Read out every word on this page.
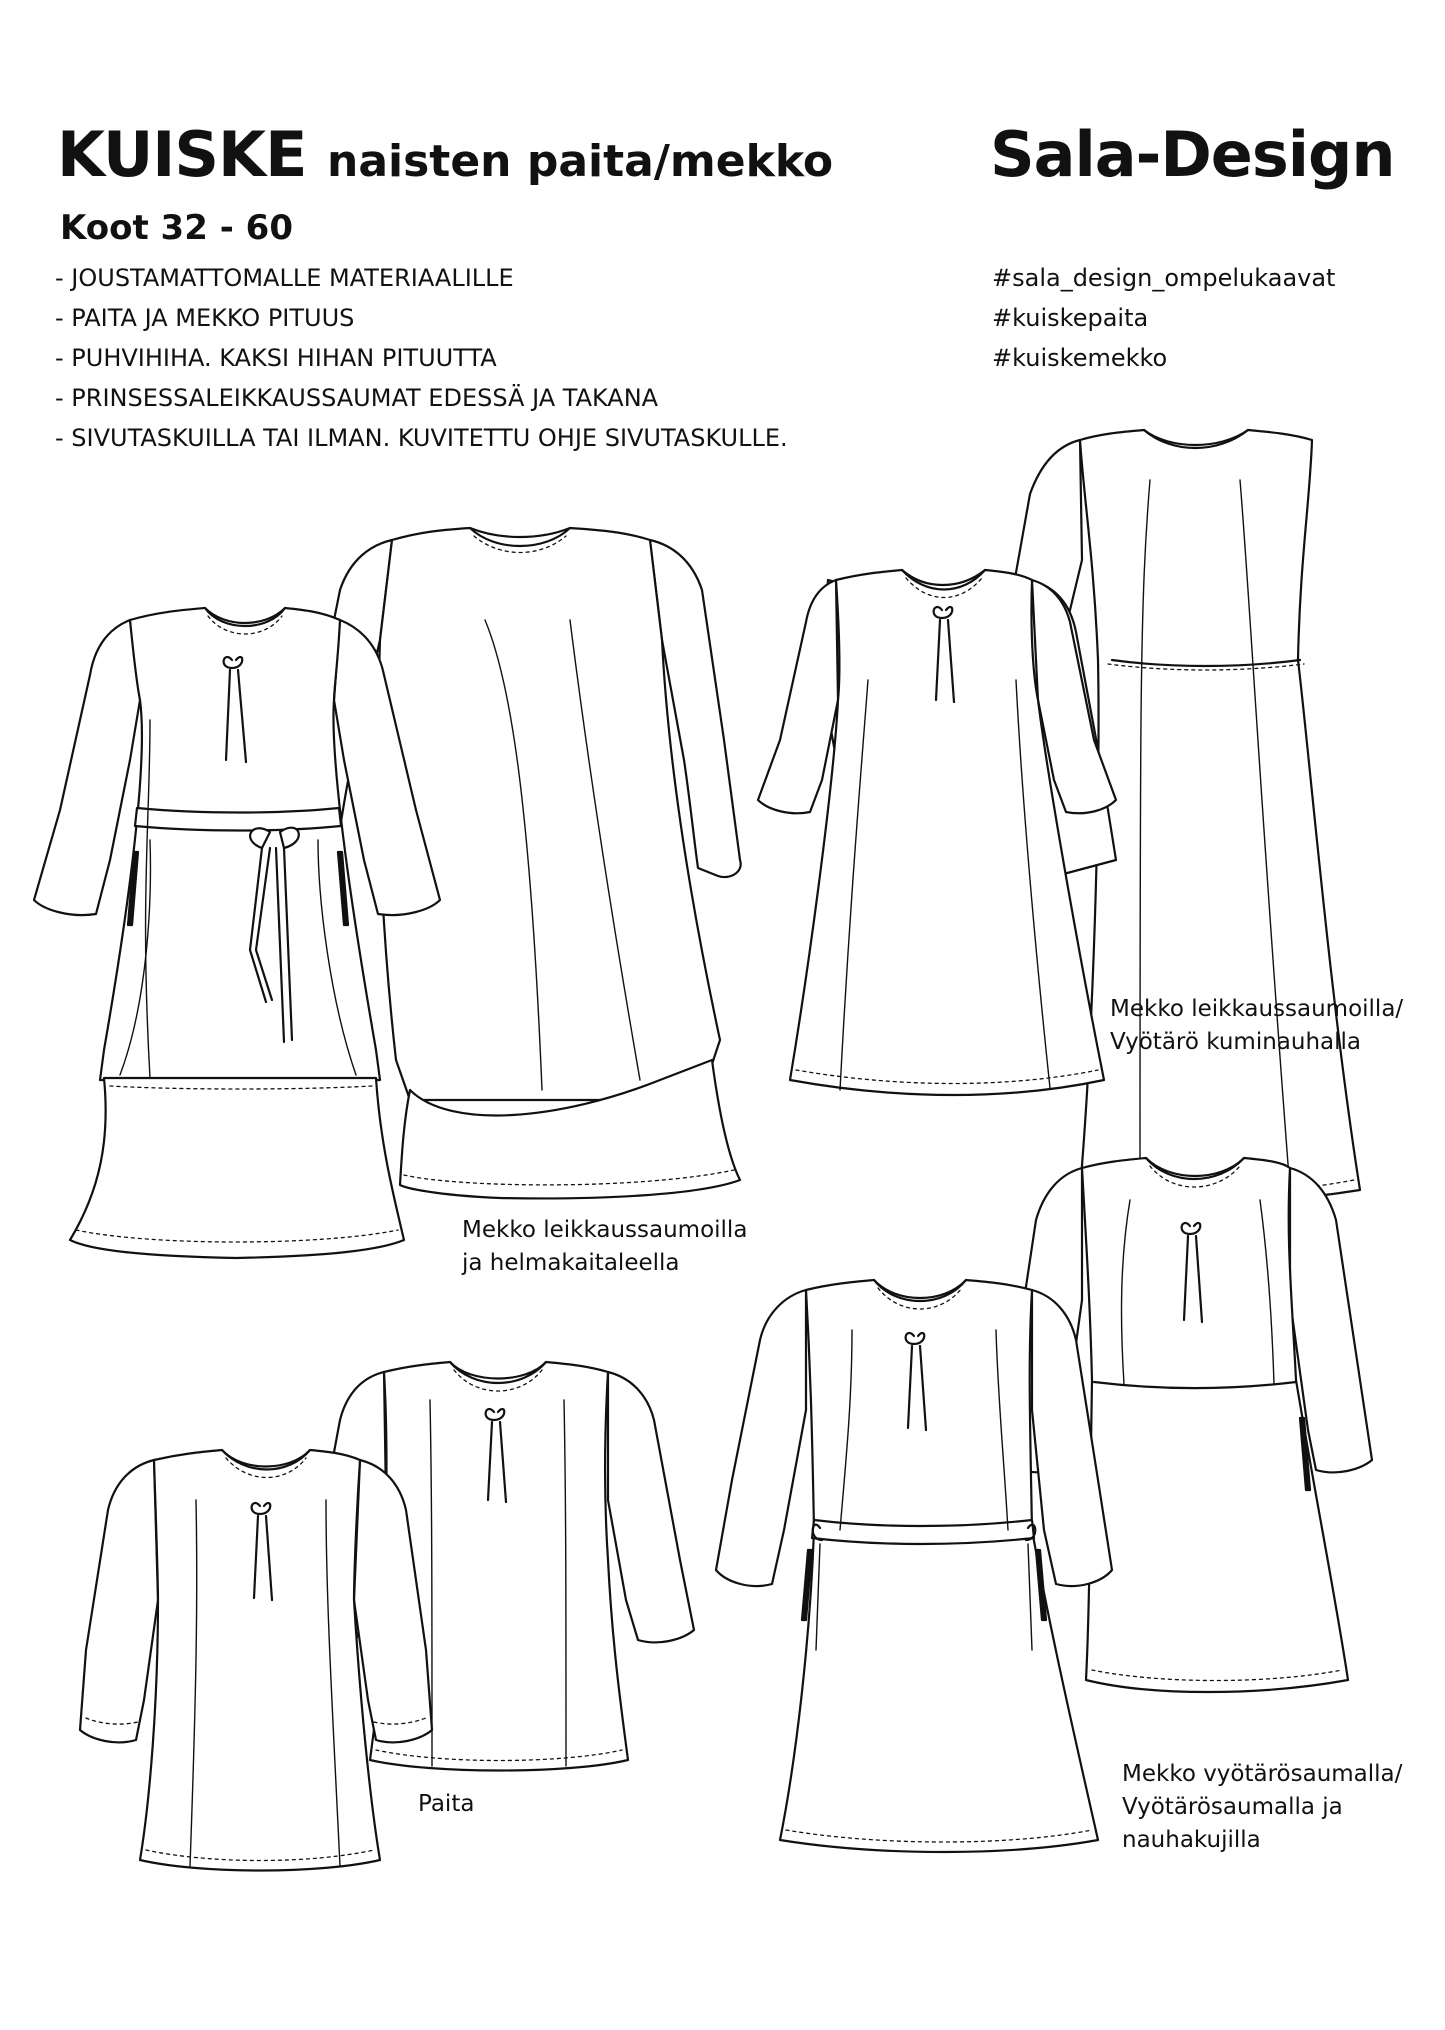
KUISKE naisten paita/mekko	Sala-Design
Koot 32 - 60
- JOUSTAMATTOMALLE MATERIAALILLE
- PAITA JA MEKKO PITUUS
- PUHVIHIHA. KAKSI HIHAN PITUUTTA
- PRINSESSALEIKKAUSSAUMAT EDESSÄ JA TAKANA
- SIVUTASKUILLA TAI ILMAN. KUVITETTU OHJE SIVUTASKULLE.
#sala_design_ompelukaavat
#kuiskepaita
#kuiskemekko
Mekko leikkaussaumoilla
ja helmakaitaleella
Mekko leikkaussaumoilla/
Vyötärö kuminauhalla
Paita
Mekko vyötärösaumalla/
Vyötärösaumalla ja
nauhakujilla
